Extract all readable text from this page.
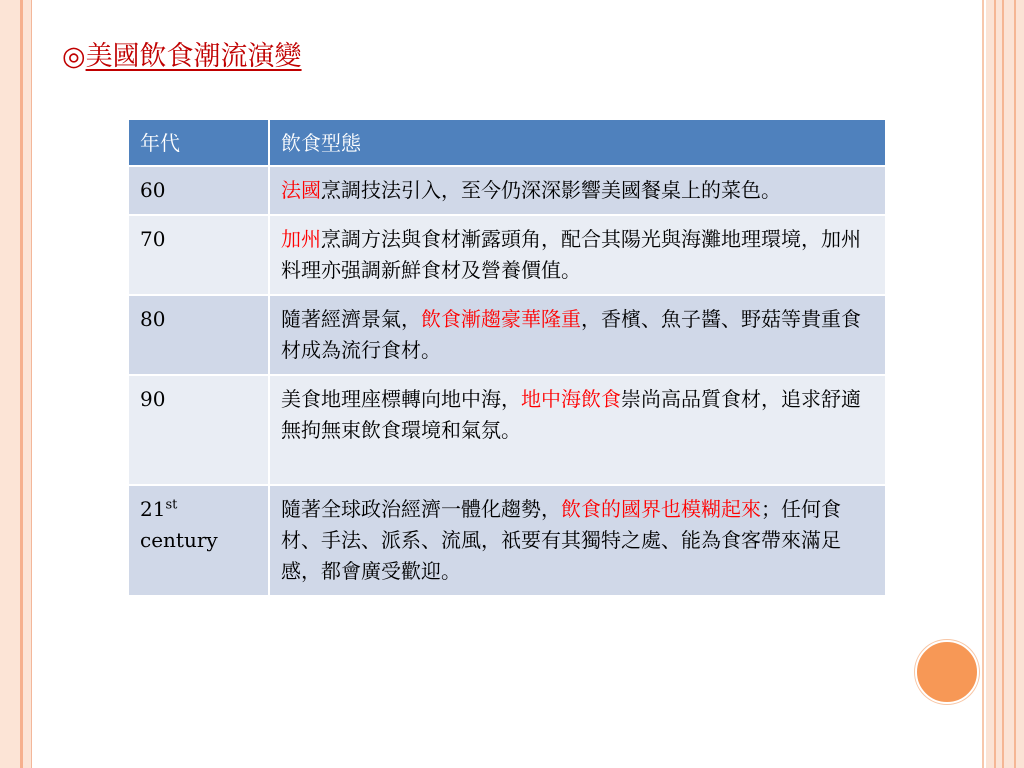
◎美國飲食潮流演變
年代	飲食型態
60	法國烹調技法引入，至今仍深深影響美國餐桌上的菜色。
70	加州烹調方法與食材漸露頭角，配合其陽光與海灘地理環境，加州料理亦强調新鮮食材及營養價值。
80	隨著經濟景氣，飲食漸趨豪華隆重，香檳、魚子醬、野菇等貴重食材成為流行食材。
90	美食地理座標轉向地中海，地中海飲食崇尚高品質食材，追求舒適無拘無束飲食環境和氣氛。
21st
century	隨著全球政治經濟一體化趨勢，飲食的國界也模糊起來；任何食材、手法、派系、流風，祇要有其獨特之處、能為食客帶來滿足感，都會廣受歡迎。
